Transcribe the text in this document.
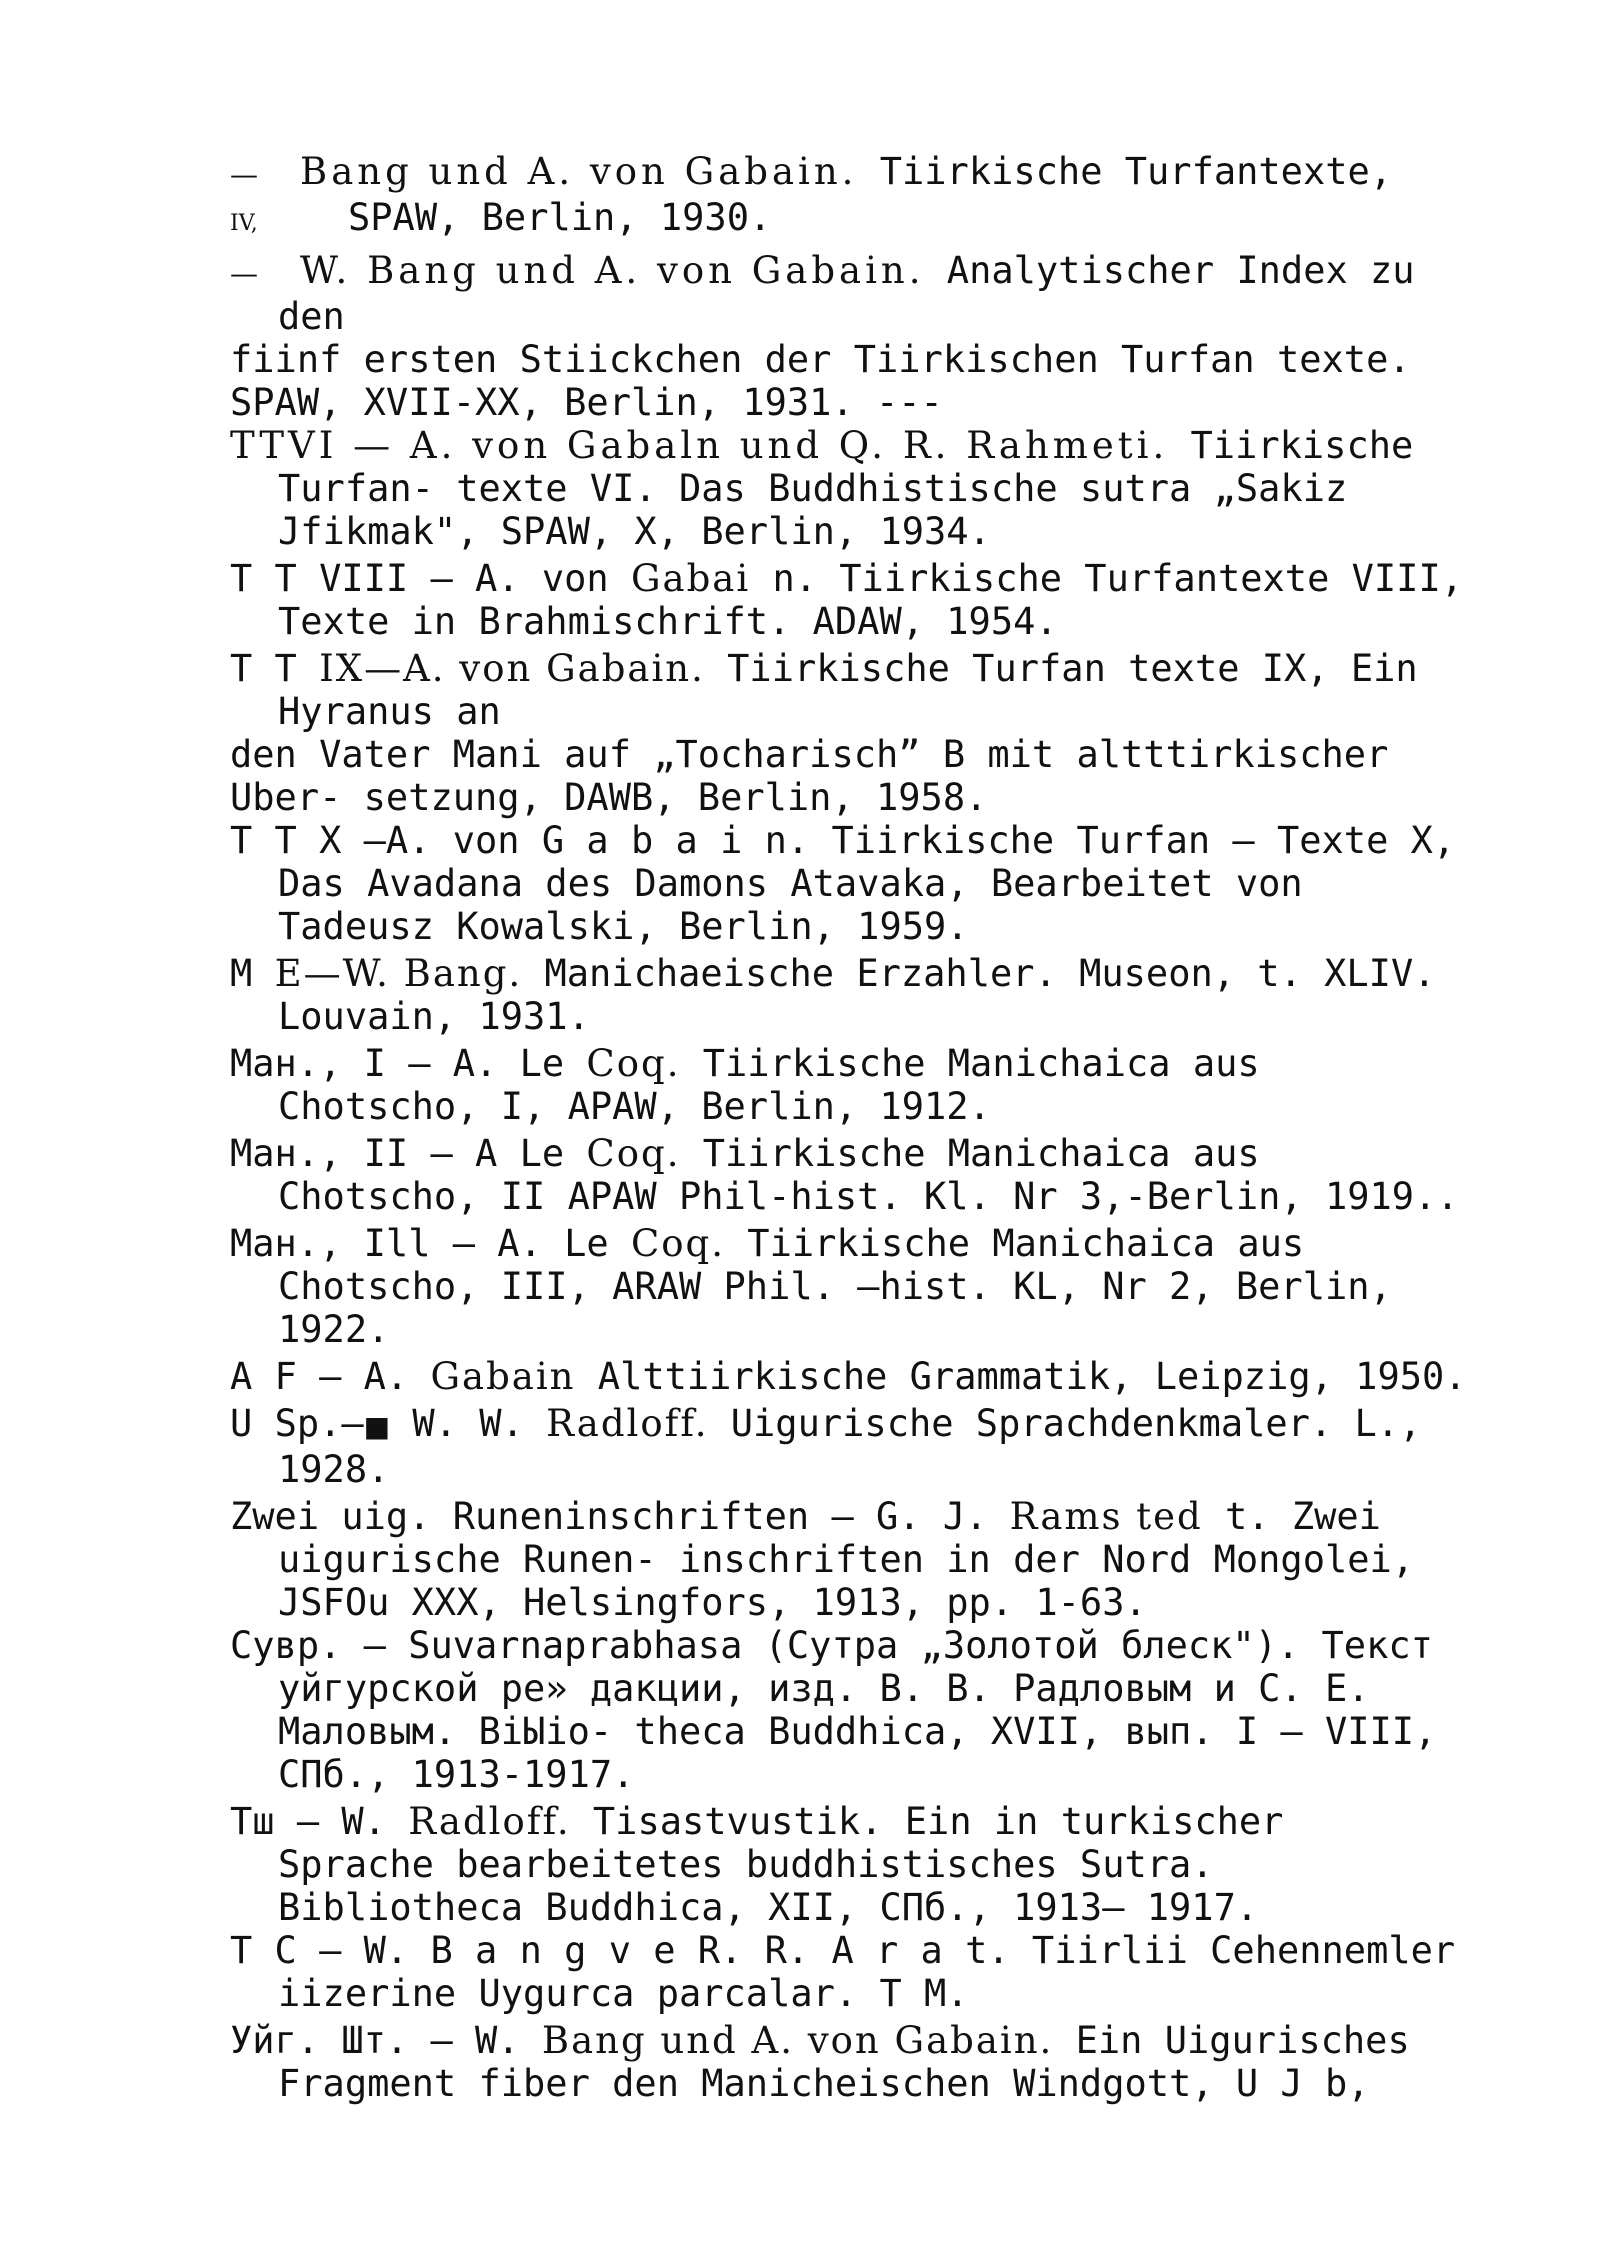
— Bang und A. von Gabain. Tiirkische Turfantexte,
IV, SPAW, Berlin, 1930.
— W. Bang und A. von Gabain. Analytischer Index zu
den
fiinf ersten Stiickchen der Tiirkischen Turfan texte.
SPAW, XVII-XX, Berlin, 1931. ---
TTVI — A. von Gabaln und Q. R. Rahmeti. Tiirkische
Turfan- texte VI. Das Buddhistische sutra „Sakiz
Jfikmak", SPAW, X, Berlin, 1934.
T T VIII — A. von Gabai n. Tiirkische Turfantexte VIII,
Texte in Brahmischrift. ADAW, 1954.
T T IX—A. von Gabain. Tiirkische Turfan texte IX, Ein
Hyranus an
den Vater Mani auf „Tocharisch” B mit altttirkischer
Uber- setzung, DAWB, Berlin, 1958.
T T X —A. von G a b a i n. Tiirkische Turfan — Texte X,
Das Avadana des Damons Atavaka, Bearbeitet von
Tadeusz Kowalski, Berlin, 1959.
M E—W. Bang. Manichaeische Erzahler. Museon, t. XLIV.
Louvain, 1931.
Ман., I — A. Le Coq. Tiirkische Manichaica aus
Chotscho, I, APAW, Berlin, 1912.
Ман., II — A Le Coq. Tiirkische Manichaica aus
Chotscho, II APAW Phil-hist. Kl. Nr 3,-Berlin, 1919..
Ман., Ill — A. Le Coq. Tiirkische Manichaica aus
Chotscho, III, ARAW Phil. —hist. KL, Nr 2, Berlin,
1922.
A F — A. Gabain Alttiirkische Grammatik, Leipzig, 1950.
U Sp.—■ W. W. Radloff. Uigurische Sprachdenkmaler. L.,
1928.
Zwei uig. Runeninschriften — G. J. Rams ted t. Zwei
uigurische Runen- inschriften in der Nord Mongolei,
JSFOu XXX, Helsingfors, 1913, pp. 1-63.
Сувр. — Suvarnaprabhasa (Сутра „Золотой блеск"). Текст
уйгурской ре» дакции, изд. В. В. Радловым и С. Е.
Маловым. BiЫio- theca Buddhica, XVII, вып. I — VIII,
СПб., 1913-1917.
Тш — W. Radloff. Tisastvustik. Ein in turkischer
Sprache bearbeitetes buddhistisches Sutra.
Bibliotheca Buddhica, XII, СПб., 1913— 1917.
T C — W. B a n g v e R. R. A r a t. Tiirlii Cehennemler
iizerine Uygurca parcalar. T M.
Уйг. Шт. — W. Bang und A. von Gabain. Ein Uigurisches
Fragment fiber den Manicheischen Windgott, U J b,
